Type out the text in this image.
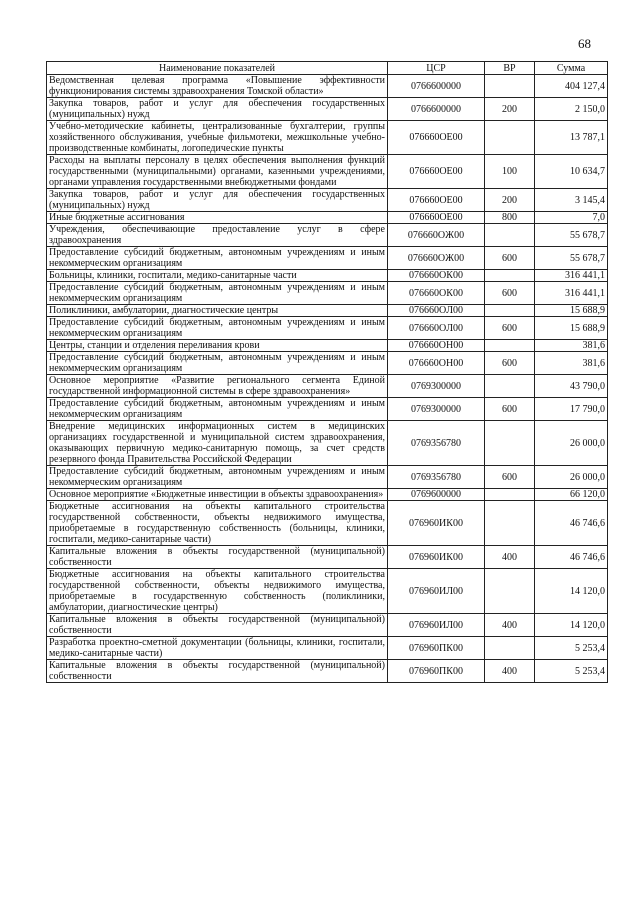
68
Наименование показателей	ЦСР	ВР	Сумма
Ведомственная целевая программа «Повышение эффективности функционирования системы здравоохранения Томской области»	0766600000		404 127,4
Закупка товаров, работ и услуг для обеспечения государственных (муниципальных) нужд	0766600000	200	2 150,0
Учебно-методические кабинеты, централизованные бухгалтерии, группы хозяйственного обслуживания, учебные фильмотеки, межшкольные учебно-производственные комбинаты, логопедические пункты	076660OE00		13 787,1
Расходы на выплаты персоналу в целях обеспечения выполнения функций государственными (муниципальными) органами, казенными учреждениями, органами управления государственными внебюджетными фондами	076660OE00	100	10 634,7
Закупка товаров, работ и услуг для обеспечения государственных (муниципальных) нужд	076660OE00	200	3 145,4
Иные бюджетные ассигнования	076660OE00	800	7,0
Учреждения, обеспечивающие предоставление услуг в сфере здравоохранения	076660OЖ00		55 678,7
Предоставление субсидий бюджетным, автономным учреждениям и иным некоммерческим организациям	076660OЖ00	600	55 678,7
Больницы, клиники, госпитали, медико-санитарные части	076660OК00		316 441,1
Предоставление субсидий бюджетным, автономным учреждениям и иным некоммерческим организациям	076660OК00	600	316 441,1
Поликлиники, амбулатории, диагностические центры	076660OЛ00		15 688,9
Предоставление субсидий бюджетным, автономным учреждениям и иным некоммерческим организациям	076660OЛ00	600	15 688,9
Центры, станции и отделения переливания крови	076660OН00		381,6
Предоставление субсидий бюджетным, автономным учреждениям и иным некоммерческим организациям	076660OН00	600	381,6
Основное мероприятие «Развитие регионального сегмента Единой государственной информационной системы в сфере здравоохранения»	0769300000		43 790,0
Предоставление субсидий бюджетным, автономным учреждениям и иным некоммерческим организациям	0769300000	600	17 790,0
Внедрение медицинских информационных систем в медицинских организациях государственной и муниципальной систем здравоохранения, оказывающих первичную медико-санитарную помощь, за счет средств резервного фонда Правительства Российской Федерации	0769356780		26 000,0
Предоставление субсидий бюджетным, автономным учреждениям и иным некоммерческим организациям	0769356780	600	26 000,0
Основное мероприятие «Бюджетные инвестиции в объекты здравоохранения»	0769600000		66 120,0
Бюджетные ассигнования на объекты капитального строительства государственной собственности, объекты недвижимого имущества, приобретаемые в государственную собственность (больницы, клиники, госпитали, медико-санитарные части)	076960ИК00		46 746,6
Капитальные вложения в объекты государственной (муниципальной) собственности	076960ИК00	400	46 746,6
Бюджетные ассигнования на объекты капитального строительства государственной собственности, объекты недвижимого имущества, приобретаемые в государственную собственность (поликлиники, амбулатории, диагностические центры)	076960ИЛ00		14 120,0
Капитальные вложения в объекты государственной (муниципальной) собственности	076960ИЛ00	400	14 120,0
Разработка проектно-сметной документации (больницы, клиники, госпитали, медико-санитарные части)	076960ПК00		5 253,4
Капитальные вложения в объекты государственной (муниципальной) собственности	076960ПК00	400	5 253,4
